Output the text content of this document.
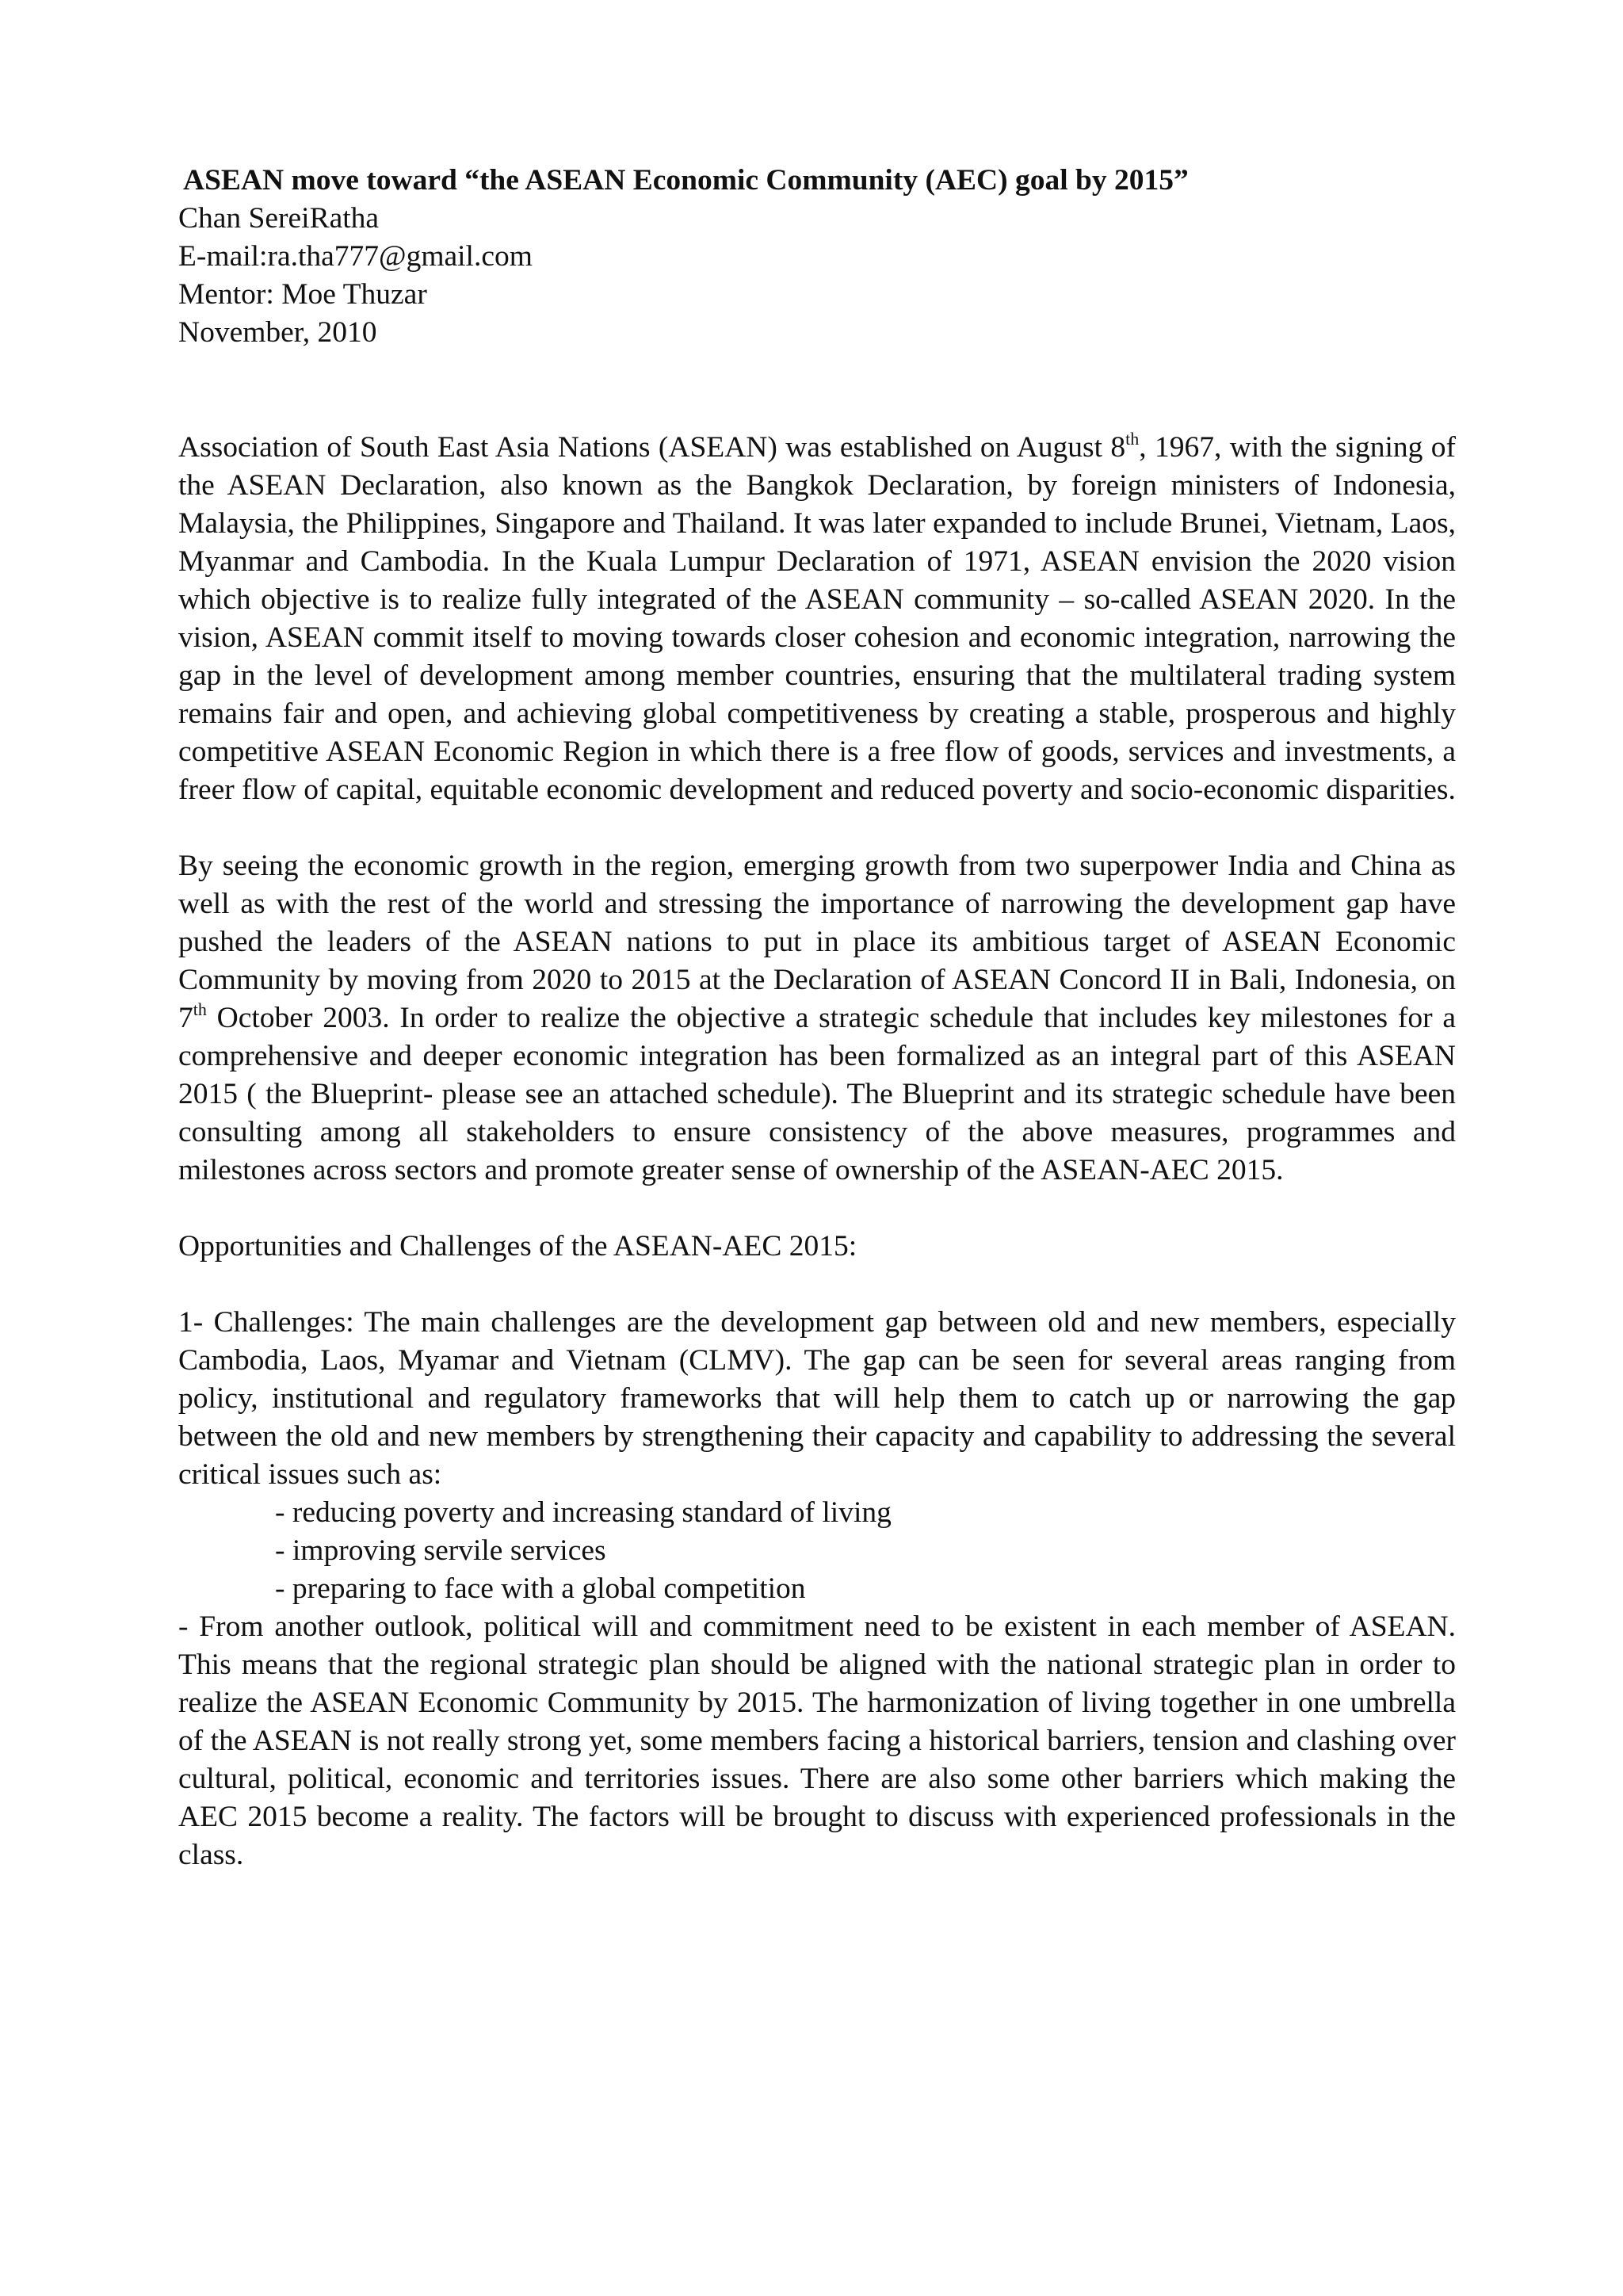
ASEAN move toward “the ASEAN Economic Community (AEC) goal by 2015”

Chan SereiRatha

E-mail:ra.tha777@gmail.com

Mentor: Moe Thuzar

November, 2010

Association of South East Asia Nations (ASEAN) was established on August 8th, 1967, with the signing of the ASEAN Declaration, also known as the Bangkok Declaration, by foreign ministers of Indonesia, Malaysia, the Philippines, Singapore and Thailand. It was later expanded to include Brunei, Vietnam, Laos, Myanmar and Cambodia. In the Kuala Lumpur Declaration of 1971, ASEAN envision the 2020 vision which objective is to realize fully integrated of the ASEAN community – so-called ASEAN 2020. In the vision, ASEAN commit itself to moving towards closer cohesion and economic integration, narrowing the gap in the level of development among member countries, ensuring that the multilateral trading system remains fair and open, and achieving global competitiveness by creating a stable, prosperous and highly competitive ASEAN Economic Region in which there is a free flow of goods, services and investments, a freer flow of capital, equitable economic development and reduced poverty and socio-economic disparities.

By seeing the economic growth in the region, emerging growth from two superpower India and China as well as with the rest of the world and stressing the importance of narrowing the development gap have pushed the leaders of the ASEAN nations to put in place its ambitious target of ASEAN Economic Community by moving from 2020 to 2015 at the Declaration of ASEAN Concord II in Bali, Indonesia, on 7th October 2003. In order to realize the objective a strategic schedule that includes key milestones for a comprehensive and deeper economic integration has been formalized as an integral part of this ASEAN 2015 ( the Blueprint- please see an attached schedule). The Blueprint and its strategic schedule have been consulting among all stakeholders to ensure consistency of the above measures, programmes and milestones across sectors and promote greater sense of ownership of the ASEAN-AEC 2015.

Opportunities and Challenges of the ASEAN-AEC 2015:

1- Challenges: The main challenges are the development gap between old and new members, especially Cambodia, Laos, Myamar and Vietnam (CLMV). The gap can be seen for several areas ranging from policy, institutional and regulatory frameworks that will help them to catch up or narrowing the gap between the old and new members by strengthening their capacity and capability to addressing the several critical issues such as:

- reducing poverty and increasing standard of living
- improving servile services
- preparing to face with a global competition

- From another outlook, political will and commitment need to be existent in each member of ASEAN. This means that the regional strategic plan should be aligned with the national strategic plan in order to realize the ASEAN Economic Community by 2015. The harmonization of living together in one umbrella of the ASEAN is not really strong yet, some members facing a historical barriers, tension and clashing over cultural, political, economic and territories issues. There are also some other barriers which making the AEC 2015 become a reality. The factors will be brought to discuss with experienced professionals in the class.
